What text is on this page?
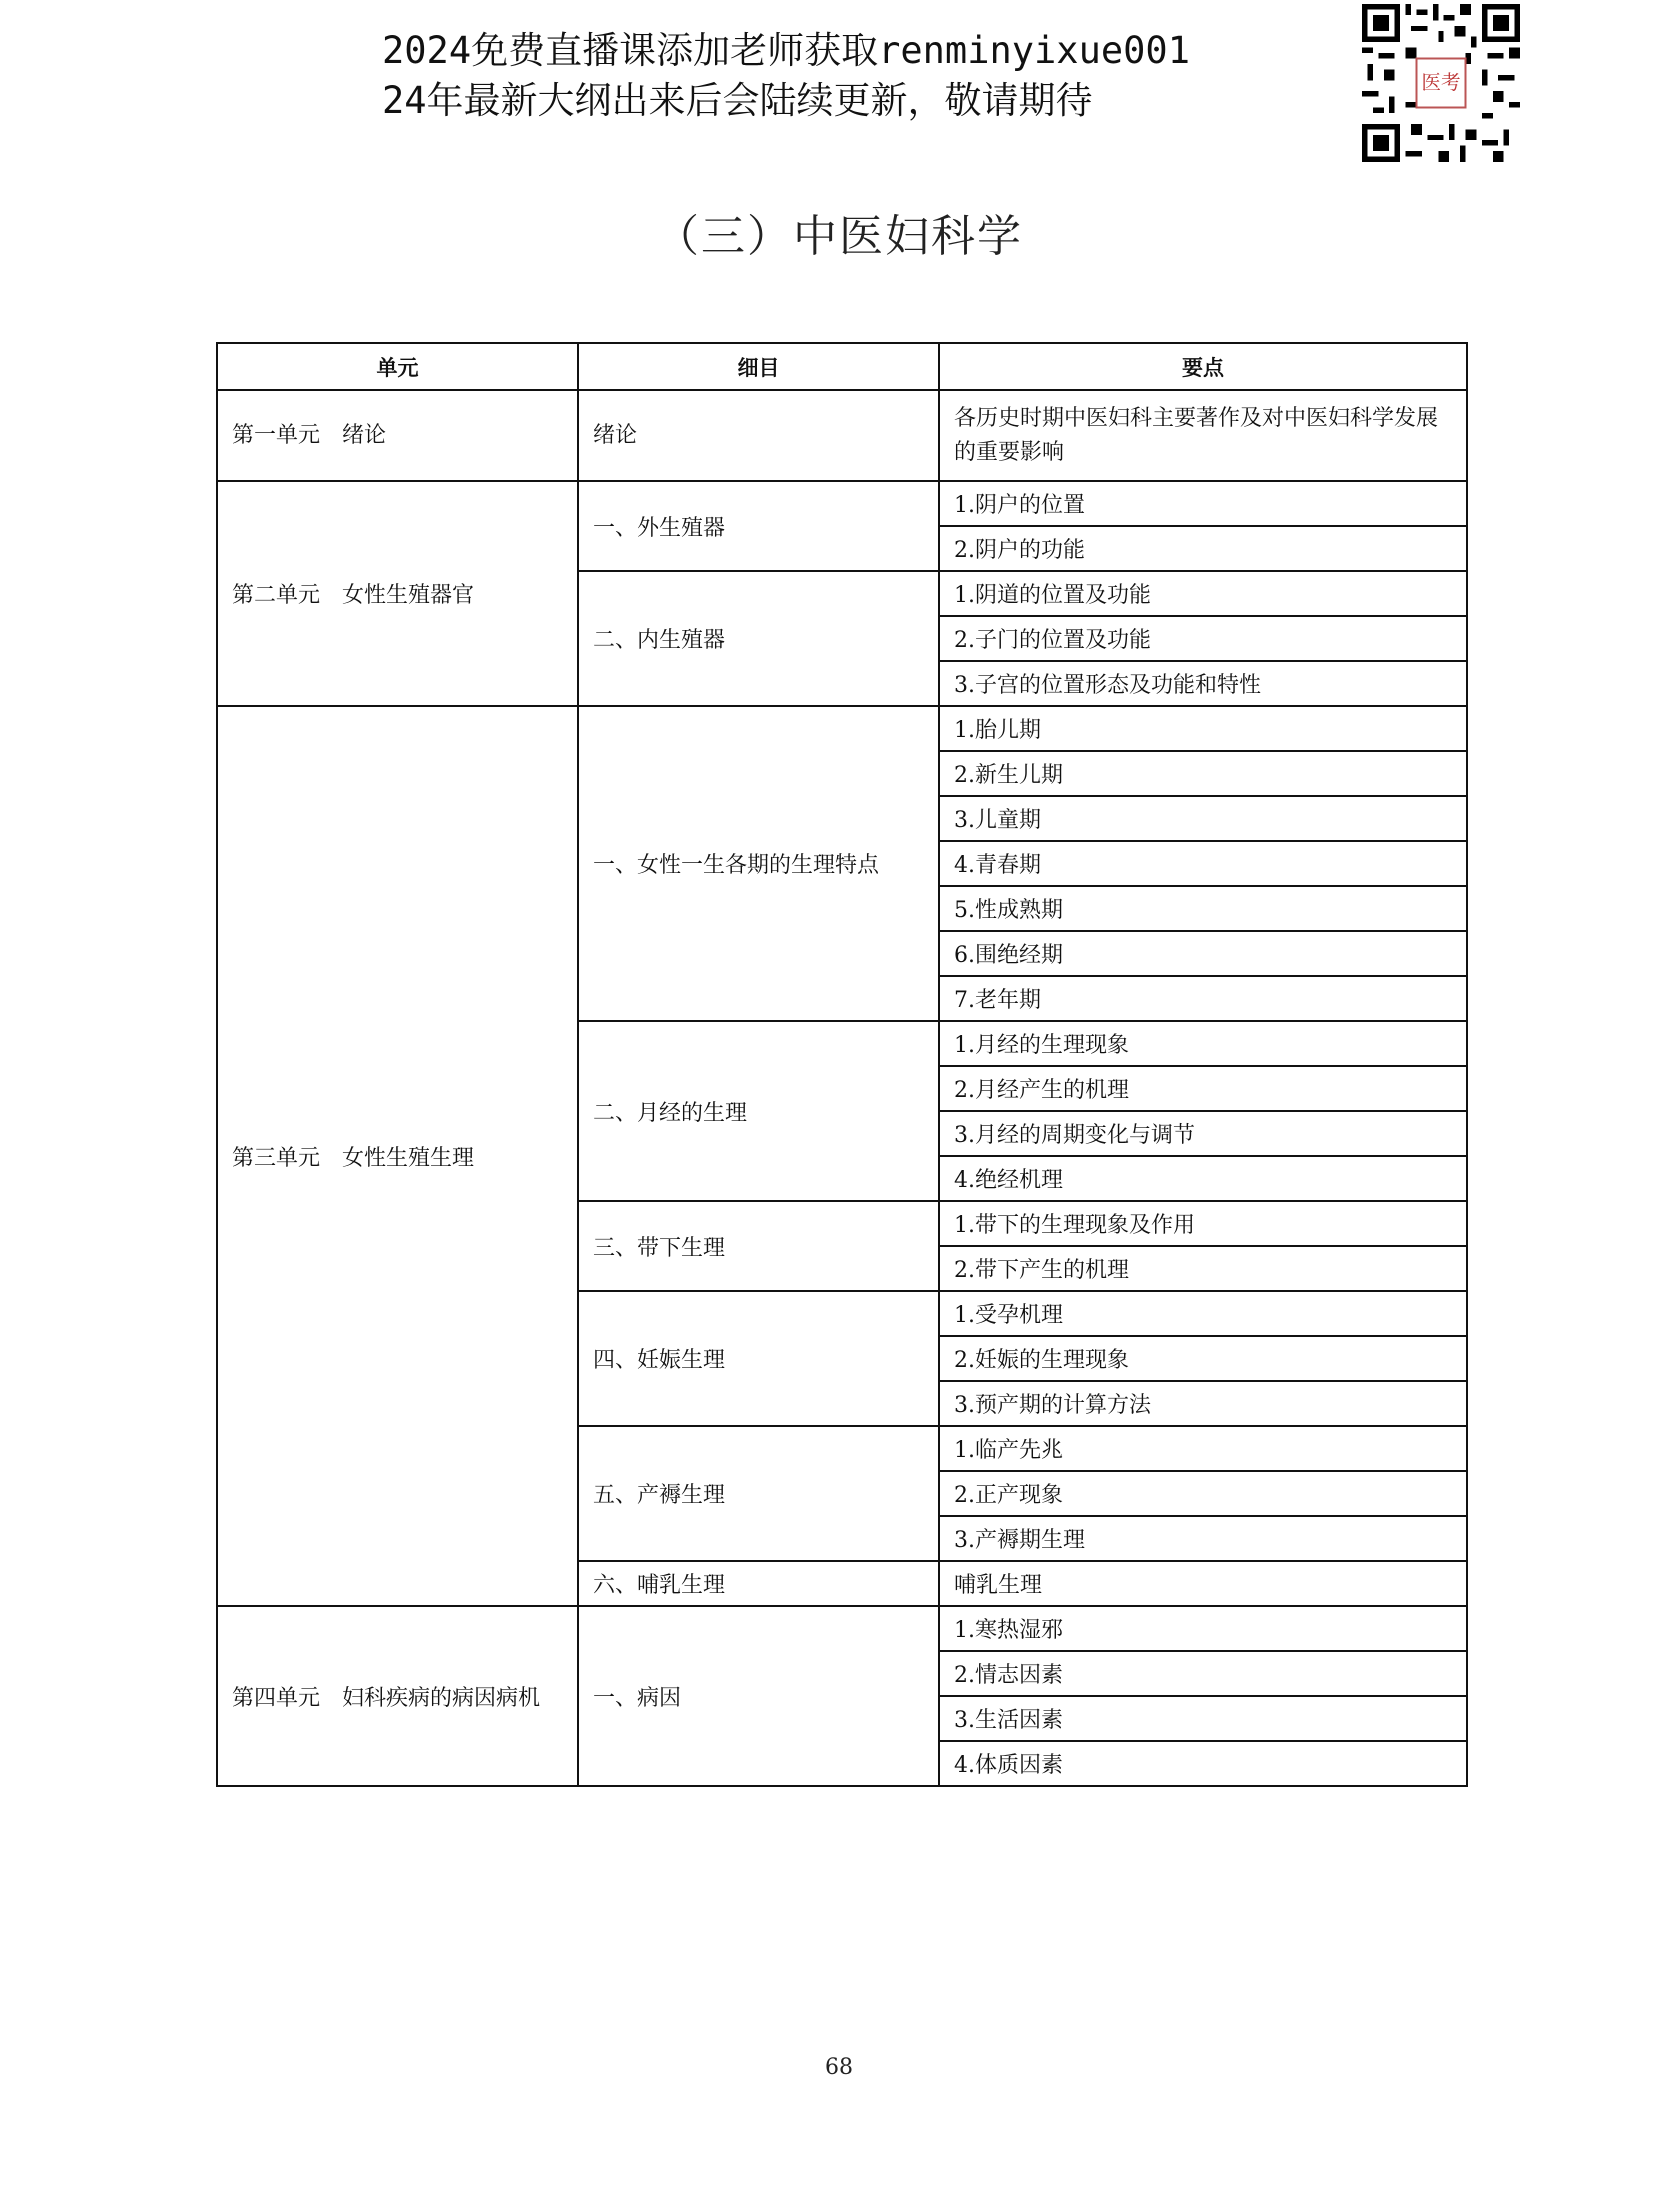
2024免费直播课添加老师获取renminyixue001
24年最新大纲出来后会陆续更新，敬请期待	医考
（三）中医妇科学
单元	细目	要点
第一单元　绪论	绪论	各历史时期中医妇科主要著作及对中医妇科学发展的重要影响
第二单元　女性生殖器官	一、外生殖器	1.阴户的位置
		2.阴户的功能
	二、内生殖器	1.阴道的位置及功能
		2.子门的位置及功能
		3.子宫的位置形态及功能和特性
第三单元　女性生殖生理	一、女性一生各期的生理特点	1.胎儿期
		2.新生儿期
		3.儿童期
		4.青春期
		5.性成熟期
		6.围绝经期
		7.老年期
	二、月经的生理	1.月经的生理现象
		2.月经产生的机理
		3.月经的周期变化与调节
		4.绝经机理
	三、带下生理	1.带下的生理现象及作用
		2.带下产生的机理
	四、妊娠生理	1.受孕机理
		2.妊娠的生理现象
		3.预产期的计算方法
	五、产褥生理	1.临产先兆
		2.正产现象
		3.产褥期生理
	六、哺乳生理	哺乳生理
第四单元　妇科疾病的病因病机	一、病因	1.寒热湿邪
		2.情志因素
		3.生活因素
		4.体质因素
68
